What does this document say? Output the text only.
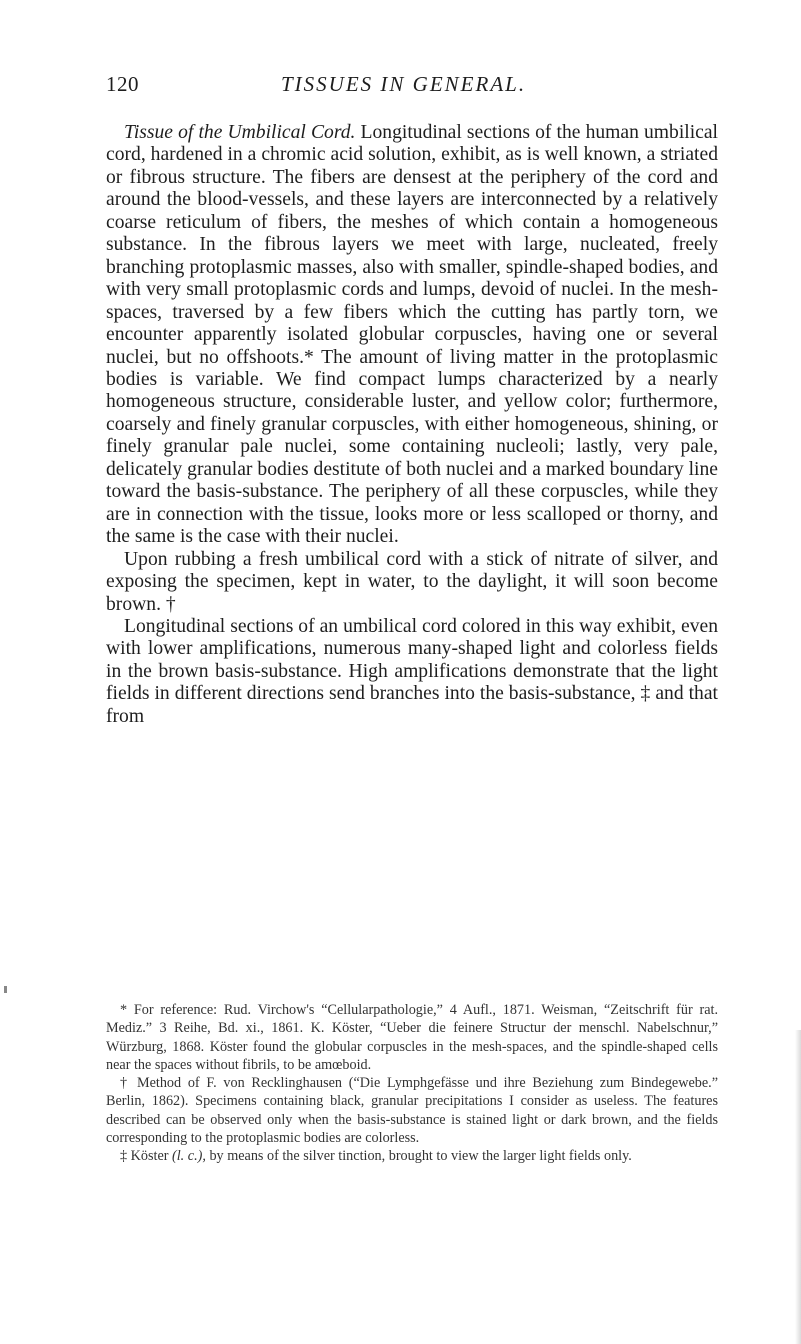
120	TISSUES IN GENERAL.

Tissue of the Umbilical Cord. Longitudinal sections of the human umbilical cord, hardened in a chromic acid solution, exhibit, as is well known, a striated or fibrous structure. The fibers are densest at the periphery of the cord and around the blood-vessels, and these layers are interconnected by a relatively coarse reticulum of fibers, the meshes of which contain a homogeneous substance. In the fibrous layers we meet with large, nucleated, freely branching protoplasmic masses, also with smaller, spindle-shaped bodies, and with very small protoplasmic cords and lumps, devoid of nuclei. In the mesh-spaces, traversed by a few fibers which the cutting has partly torn, we encounter apparently isolated globular corpuscles, having one or several nuclei, but no offshoots.* The amount of living matter in the protoplasmic bodies is variable. We find compact lumps characterized by a nearly homogeneous structure, considerable luster, and yellow color; furthermore, coarsely and finely granular corpuscles, with either homogeneous, shining, or finely granular pale nuclei, some containing nucleoli; lastly, very pale, delicately granular bodies destitute of both nuclei and a marked boundary line toward the basis-substance. The periphery of all these corpuscles, while they are in connection with the tissue, looks more or less scalloped or thorny, and the same is the case with their nuclei.

Upon rubbing a fresh umbilical cord with a stick of nitrate of silver, and exposing the specimen, kept in water, to the daylight, it will soon become brown. †

Longitudinal sections of an umbilical cord colored in this way exhibit, even with lower amplifications, numerous many-shaped light and colorless fields in the brown basis-substance. High amplifications demonstrate that the light fields in different directions send branches into the basis-substance, ‡ and that from

* For reference: Rud. Virchow's “Cellularpathologie,” 4 Aufl., 1871. Weisman, “Zeitschrift für rat. Mediz.” 3 Reihe, Bd. xi., 1861. K. Köster, “Ueber die feinere Structur der menschl. Nabelschnur,” Würzburg, 1868. Köster found the globular corpuscles in the mesh-spaces, and the spindle-shaped cells near the spaces without fibrils, to be amœboid.

† Method of F. von Recklinghausen (“Die Lymphgefässe und ihre Beziehung zum Bindegewebe.” Berlin, 1862). Specimens containing black, granular precipitations I consider as useless. The features described can be observed only when the basis-substance is stained light or dark brown, and the fields corresponding to the protoplasmic bodies are colorless.

‡ Köster (l. c.), by means of the silver tinction, brought to view the larger light fields only.
